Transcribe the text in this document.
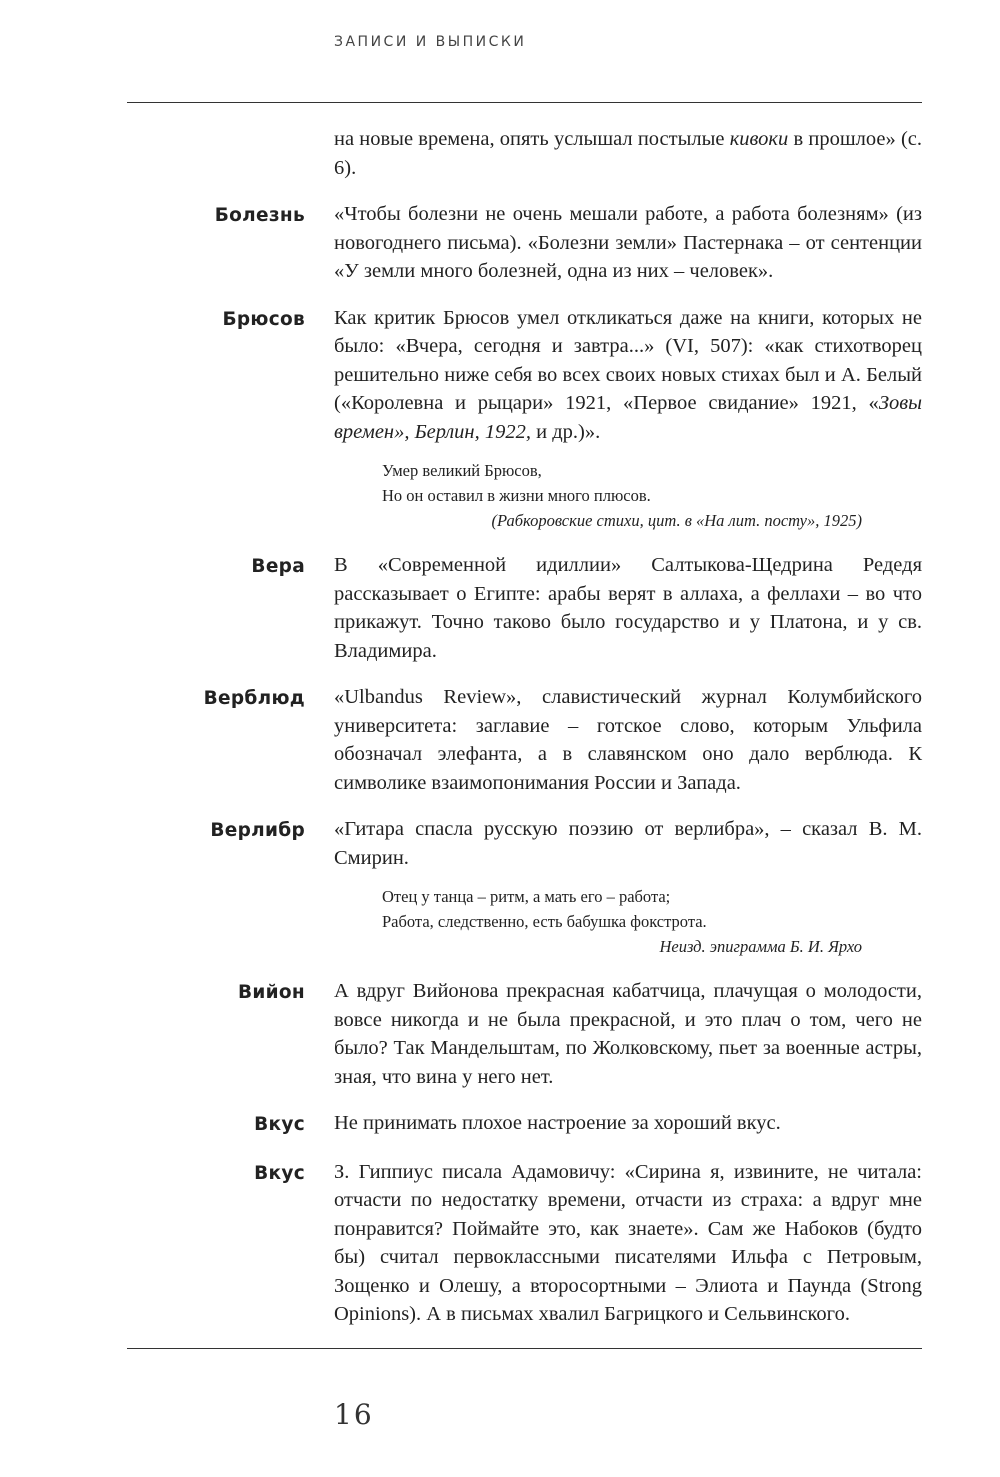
ЗАПИСИ И ВЫПИСКИ
на новые времена, опять услышал постылые кивоки в прошлое» (с. 6).
Болезнь «Чтобы болезни не очень мешали работе, а работа болезням» (из новогоднего письма). «Болезни земли» Пастернака – от сентенции «У земли много болезней, одна из них – человек».
Брюсов Как критик Брюсов умел откликаться даже на книги, которых не было: «Вчера, сегодня и завтра...» (VI, 507): «как стихотворец решительно ниже себя во всех своих новых стихах был и А. Белый («Королевна и рыцари» 1921, «Первое свидание» 1921, «Зовы времен», Берлин, 1922, и др.)».

Умер великий Брюсов,
Но он оставил в жизни много плюсов.
(Рабкоровские стихи, цит. в «На лит. посту», 1925)
Вера В «Современной идиллии» Салтыкова-Щедрина Редедя рассказывает о Египте: арабы верят в аллаха, а феллахи – во что прикажут. Точно таково было государство и у Платона, и у св. Владимира.
Верблюд «Ulbandus Review», славистический журнал Колумбийского университета: заглавие – готское слово, которым Ульфила обозначал элефанта, а в славянском оно дало верблюда. К символике взаимопонимания России и Запада.
Верлибр «Гитара спасла русскую поэзию от верлибра», – сказал В. М. Смирин.

Отец у танца – ритм, а мать его – работа;
Работа, следственно, есть бабушка фокстрота.
Неизд. эпиграмма Б. И. Ярхо
Вийон А вдруг Вийонова прекрасная кабатчица, плачущая о молодости, вовсе никогда и не была прекрасной, и это плач о том, чего не было? Так Мандельштам, по Жолковскому, пьет за военные астры, зная, что вина у него нет.
Вкус Не принимать плохое настроение за хороший вкус.
Вкус З. Гиппиус писала Адамовичу: «Сирина я, извините, не читала: отчасти по недостатку времени, отчасти из страха: а вдруг мне понравится? Поймайте это, как знаете». Сам же Набоков (будто бы) считал первоклассными писателями Ильфа с Петровым, Зощенко и Олешу, а второсортными – Элиота и Паунда (Strong Opinions). А в письмах хвалил Багрицкого и Сельвинского.
16
